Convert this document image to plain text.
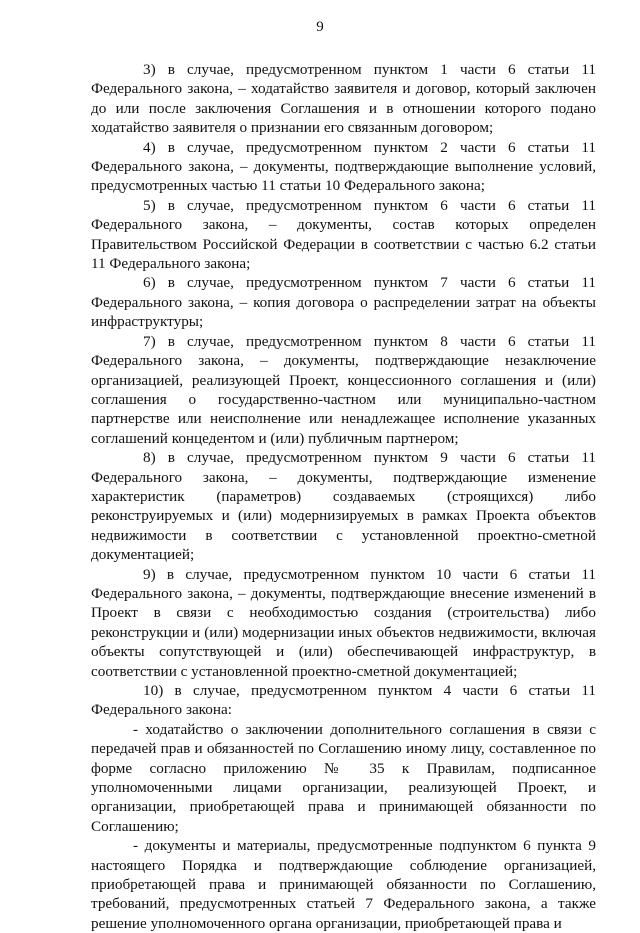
9

3) в случае, предусмотренном пунктом 1 части 6 статьи 11 Федерального закона, – ходатайство заявителя и договор, который заключен до или после заключения Соглашения и в отношении которого подано ходатайство заявителя о признании его связанным договором;

4) в случае, предусмотренном пунктом 2 части 6 статьи 11 Федерального закона, – документы, подтверждающие выполнение условий, предусмотренных частью 11 статьи 10 Федерального закона;

5) в случае, предусмотренном пунктом 6 части 6 статьи 11 Федерального закона, – документы, состав которых определен Правительством Российской Федерации в соответствии с частью 6.2 статьи 11 Федерального закона;

6) в случае, предусмотренном пунктом 7 части 6 статьи 11 Федерального закона, – копия договора о распределении затрат на объекты инфраструктуры;

7) в случае, предусмотренном пунктом 8 части 6 статьи 11 Федерального закона, – документы, подтверждающие незаключение организацией, реализующей Проект, концессионного соглашения и (или) соглашения о государственно-частном или муниципально-частном партнерстве или неисполнение или ненадлежащее исполнение указанных соглашений концедентом и (или) публичным партнером;

8) в случае, предусмотренном пунктом 9 части 6 статьи 11 Федерального закона, – документы, подтверждающие изменение характеристик (параметров) создаваемых (строящихся) либо реконструируемых и (или) модернизируемых в рамках Проекта объектов недвижимости в соответствии с установленной проектно-сметной документацией;

9) в случае, предусмотренном пунктом 10 части 6 статьи 11 Федерального закона, – документы, подтверждающие внесение изменений в Проект в связи с необходимостью создания (строительства) либо реконструкции и (или) модернизации иных объектов недвижимости, включая объекты сопутствующей и (или) обеспечивающей инфраструктур, в соответствии с установленной проектно-сметной документацией;

10) в случае, предусмотренном пунктом 4 части 6 статьи 11 Федерального закона:

- ходатайство о заключении дополнительного соглашения в связи с передачей прав и обязанностей по Соглашению иному лицу, составленное по форме согласно приложению № 35 к Правилам, подписанное уполномоченными лицами организации, реализующей Проект, и организации, приобретающей права и принимающей обязанности по Соглашению;

- документы и материалы, предусмотренные подпунктом 6 пункта 9 настоящего Порядка и подтверждающие соблюдение организацией, приобретающей права и принимающей обязанности по Соглашению, требований, предусмотренных статьей 7 Федерального закона, а также решение уполномоченного органа организации, приобретающей права и
